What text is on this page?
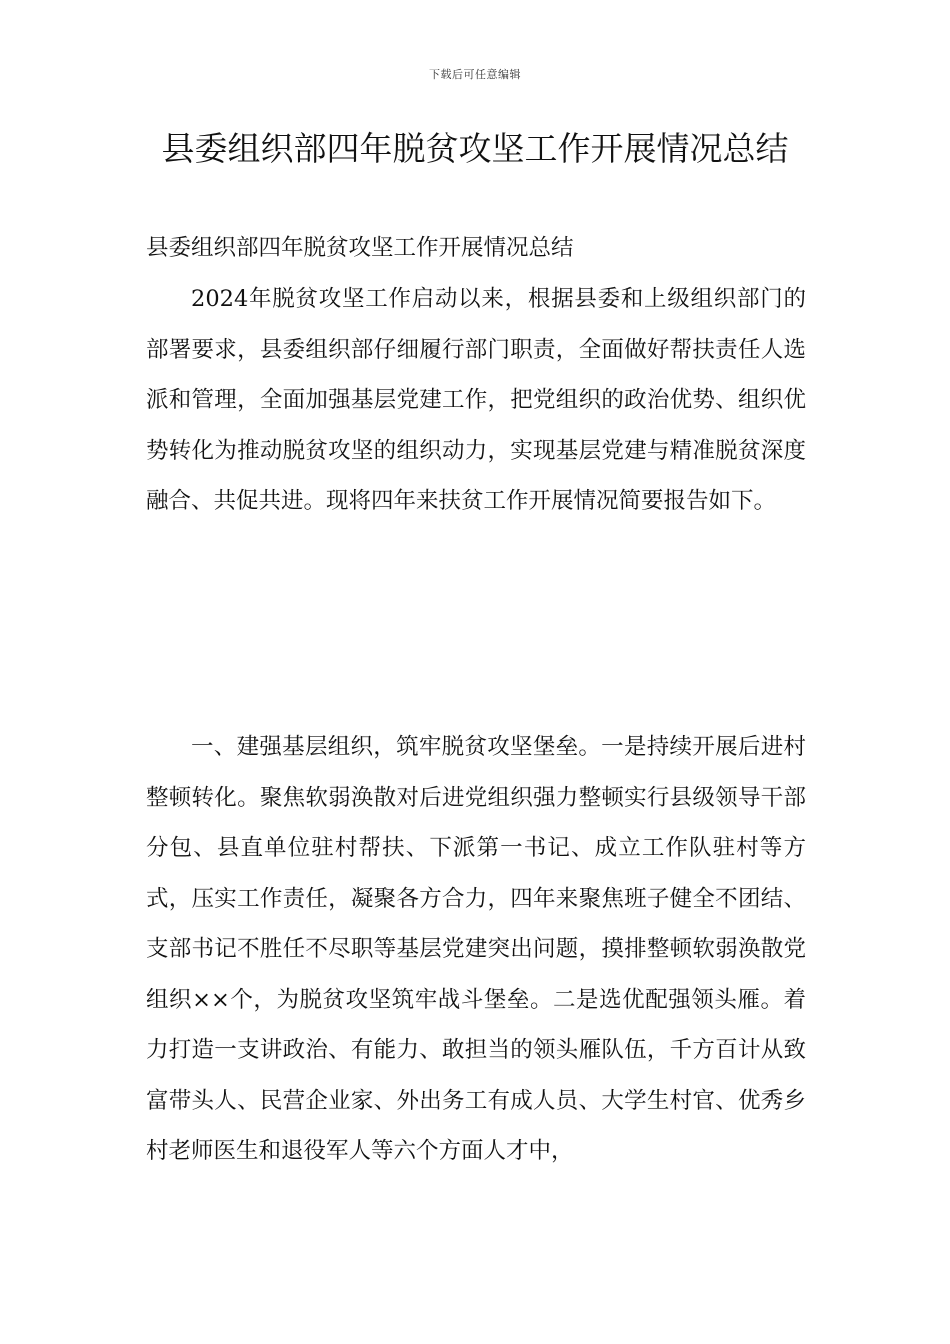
下载后可任意编辑
县委组织部四年脱贫攻坚工作开展情况总结

县委组织部四年脱贫攻坚工作开展情况总结

2024年脱贫攻坚工作启动以来，根据县委和上级组织部门的部署要求，县委组织部仔细履行部门职责，全面做好帮扶责任人选派和管理，全面加强基层党建工作，把党组织的政治优势、组织优势转化为推动脱贫攻坚的组织动力，实现基层党建与精准脱贫深度融合、共促共进。现将四年来扶贫工作开展情况简要报告如下。

一、建强基层组织，筑牢脱贫攻坚堡垒。一是持续开展后进村整顿转化。聚焦软弱涣散对后进党组织强力整顿实行县级领导干部分包、县直单位驻村帮扶、下派第一书记、成立工作队驻村等方式，压实工作责任，凝聚各方合力，四年来聚焦班子健全不团结、支部书记不胜任不尽职等基层党建突出问题，摸排整顿软弱涣散党组织××个，为脱贫攻坚筑牢战斗堡垒。二是选优配强领头雁。着力打造一支讲政治、有能力、敢担当的领头雁队伍，千方百计从致富带头人、民营企业家、外出务工有成人员、大学生村官、优秀乡村老师医生和退役军人等六个方面人才中，
